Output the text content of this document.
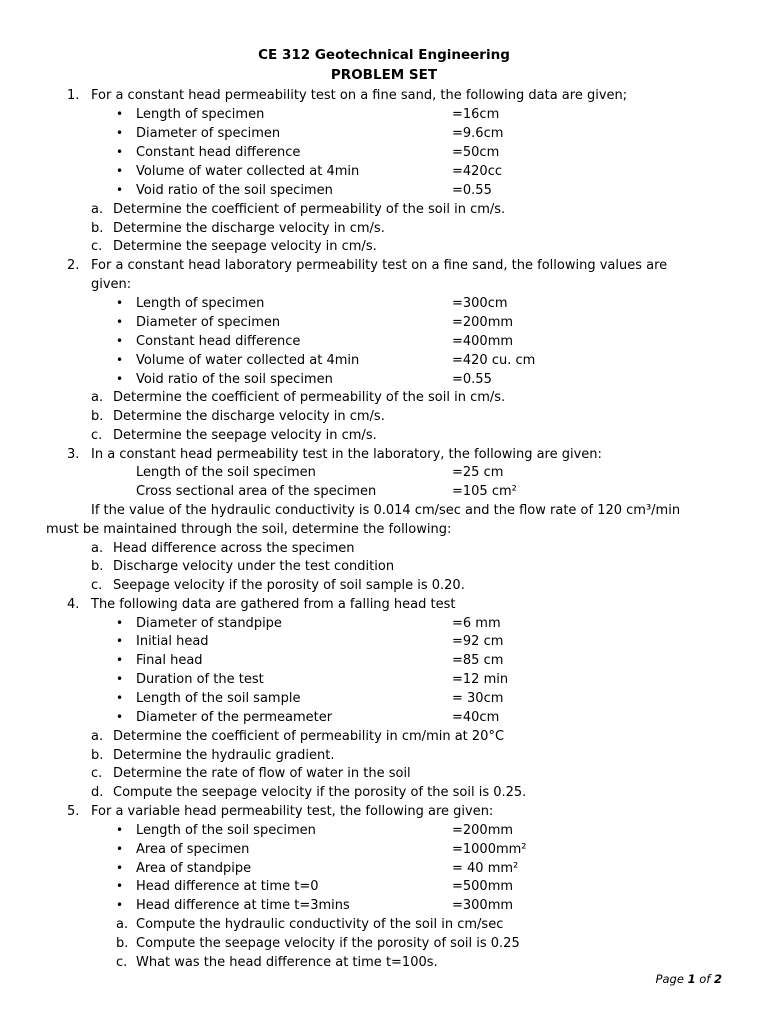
CE 312 Geotechnical Engineering
PROBLEM SET
1. For a constant head permeability test on a fine sand, the following data are given;
• Length of specimen	=16cm
• Diameter of specimen	=9.6cm
• Constant head difference	=50cm
• Volume of water collected at 4min	=420cc
• Void ratio of the soil specimen	=0.55
a. Determine the coefficient of permeability of the soil in cm/s.
b. Determine the discharge velocity in cm/s.
c. Determine the seepage velocity in cm/s.
2. For a constant head laboratory permeability test on a fine sand, the following values are
given:
• Length of specimen	=300cm
• Diameter of specimen	=200mm
• Constant head difference	=400mm
• Volume of water collected at 4min	=420 cu. cm
• Void ratio of the soil specimen	=0.55
a. Determine the coefficient of permeability of the soil in cm/s.
b. Determine the discharge velocity in cm/s.
c. Determine the seepage velocity in cm/s.
3. In a constant head permeability test in the laboratory, the following are given:
Length of the soil specimen	=25 cm
Cross sectional area of the specimen	=105 cm²
If the value of the hydraulic conductivity is 0.014 cm/sec and the flow rate of 120 cm³/min
must be maintained through the soil, determine the following:
a. Head difference across the specimen
b. Discharge velocity under the test condition
c. Seepage velocity if the porosity of soil sample is 0.20.
4. The following data are gathered from a falling head test
• Diameter of standpipe	=6 mm
• Initial head	=92 cm
• Final head	=85 cm
• Duration of the test	=12 min
• Length of the soil sample	= 30cm
• Diameter of the permeameter	=40cm
a. Determine the coefficient of permeability in cm/min at 20°C
b. Determine the hydraulic gradient.
c. Determine the rate of flow of water in the soil
d. Compute the seepage velocity if the porosity of the soil is 0.25.
5. For a variable head permeability test, the following are given:
• Length of the soil specimen	=200mm
• Area of specimen	=1000mm²
• Area of standpipe	= 40 mm²
• Head difference at time t=0	=500mm
• Head difference at time t=3mins	=300mm
a. Compute the hydraulic conductivity of the soil in cm/sec
b. Compute the seepage velocity if the porosity of soil is 0.25
c. What was the head difference at time t=100s.
Page 1 of 2
